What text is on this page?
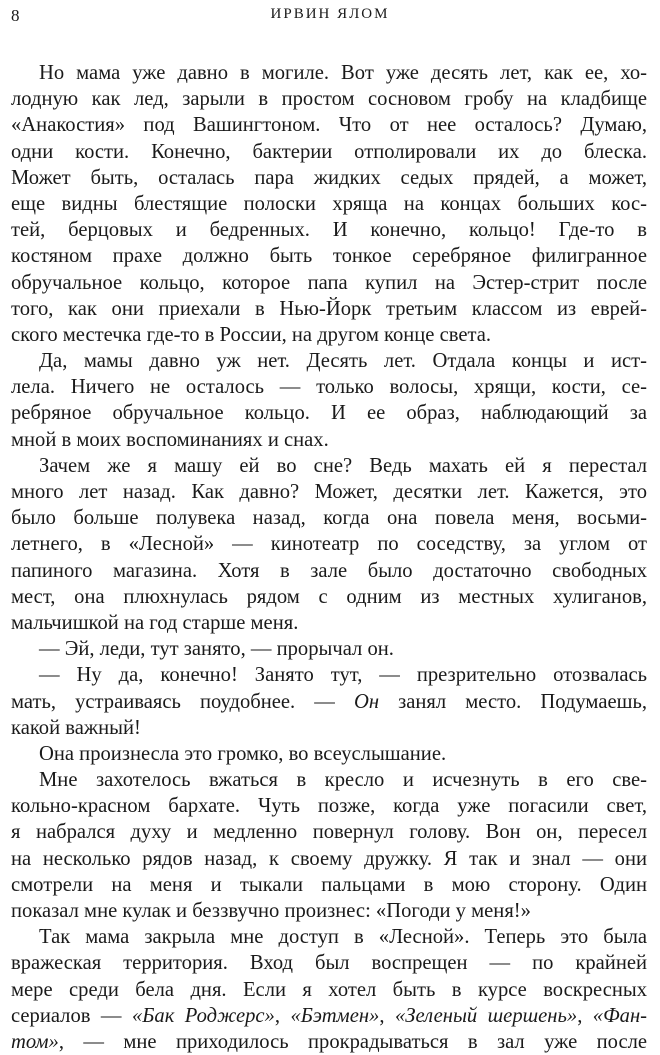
8	ИРВИН ЯЛОМ
Но мама уже давно в могиле. Вот уже десять лет, как ее, хо-
лодную как лед, зарыли в простом сосновом гробу на кладбище
«Анакостия» под Вашингтоном. Что от нее осталось? Думаю,
одни кости. Конечно, бактерии отполировали их до блеска.
Может быть, осталась пара жидких седых прядей, а может,
еще видны блестящие полоски хряща на концах больших кос-
тей, берцовых и бедренных. И конечно, кольцо! Где-то в
костяном прахе должно быть тонкое серебряное филигранное
обручальное кольцо, которое папа купил на Эстер-стрит после
того, как они приехали в Нью-Йорк третьим классом из еврей-
ского местечка где-то в России, на другом конце света.
Да, мамы давно уж нет. Десять лет. Отдала концы и ист-
лела. Ничего не осталось — только волосы, хрящи, кости, се-
ребряное обручальное кольцо. И ее образ, наблюдающий за
мной в моих воспоминаниях и снах.
Зачем же я машу ей во сне? Ведь махать ей я перестал
много лет назад. Как давно? Может, десятки лет. Кажется, это
было больше полувека назад, когда она повела меня, восьми-
летнего, в «Лесной» — кинотеатр по соседству, за углом от
папиного магазина. Хотя в зале было достаточно свободных
мест, она плюхнулась рядом с одним из местных хулиганов,
мальчишкой на год старше меня.
— Эй, леди, тут занято, — прорычал он.
— Ну да, конечно! Занято тут, — презрительно отозвалась
мать, устраиваясь поудобнее. — Он занял место. Подумаешь,
какой важный!
Она произнесла это громко, во всеуслышание.
Мне захотелось вжаться в кресло и исчезнуть в его све-
кольно-красном бархате. Чуть позже, когда уже погасили свет,
я набрался духу и медленно повернул голову. Вон он, пересел
на несколько рядов назад, к своему дружку. Я так и знал — они
смотрели на меня и тыкали пальцами в мою сторону. Один
показал мне кулак и беззвучно произнес: «Погоди у меня!»
Так мама закрыла мне доступ в «Лесной». Теперь это была
вражеская территория. Вход был воспрещен — по крайней
мере среди бела дня. Если я хотел быть в курсе воскресных
сериалов — «Бак Роджерс», «Бэтмен», «Зеленый шершень», «Фан-
том», — мне приходилось прокрадываться в зал уже после
